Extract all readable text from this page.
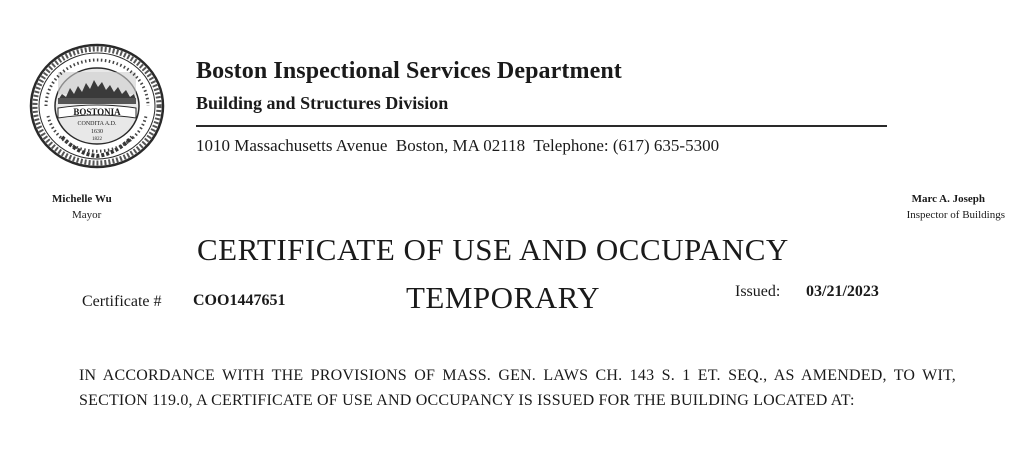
BOSTONIA
CONDITA A.D.
1630
1822
Boston Inspectional Services Department
Building and Structures Division
1010 Massachusetts Avenue  Boston, MA 02118  Telephone: (617) 635-5300
Michelle Wu
Mayor
Marc A. Joseph
Inspector of Buildings
CERTIFICATE OF USE AND OCCUPANCY
Certificate # COO1447651	TEMPORARY	Issued: 03/21/2023
IN ACCORDANCE WITH THE PROVISIONS OF MASS. GEN. LAWS CH. 143 S. 1 ET. SEQ., AS AMENDED, TO WIT, SECTION 119.0, A CERTIFICATE OF USE AND OCCUPANCY IS ISSUED FOR THE BUILDING LOCATED AT:
